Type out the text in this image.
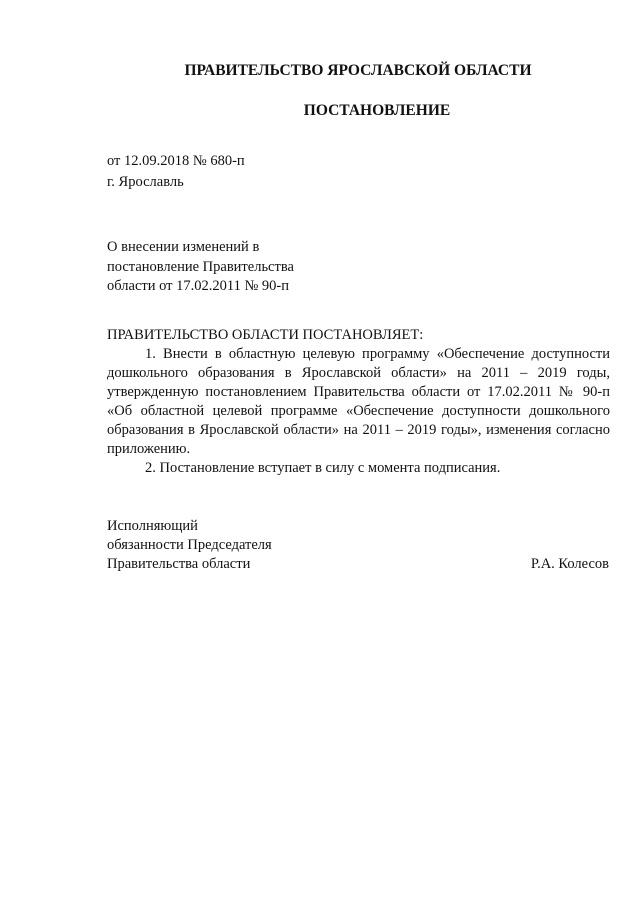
ПРАВИТЕЛЬСТВО ЯРОСЛАВСКОЙ ОБЛАСТИ
ПОСТАНОВЛЕНИЕ
от 12.09.2018 № 680-п
г. Ярославль
О внесении изменений в
постановление Правительства
области от 17.02.2011 № 90-п

ПРАВИТЕЛЬСТВО ОБЛАСТИ ПОСТАНОВЛЯЕТ:

1. Внести в областную целевую программу «Обеспечение доступности дошкольного образования в Ярославской области» на 2011 – 2019 годы, утвержденную постановлением Правительства области от 17.02.2011 № 90-п «Об областной целевой программе «Обеспечение доступности дошкольного образования в Ярославской области» на 2011 – 2019 годы», изменения согласно приложению.

2. Постановление вступает в силу с момента подписания.

Исполняющий
обязанности Председателя
Правительства области	Р.А. Колесов
